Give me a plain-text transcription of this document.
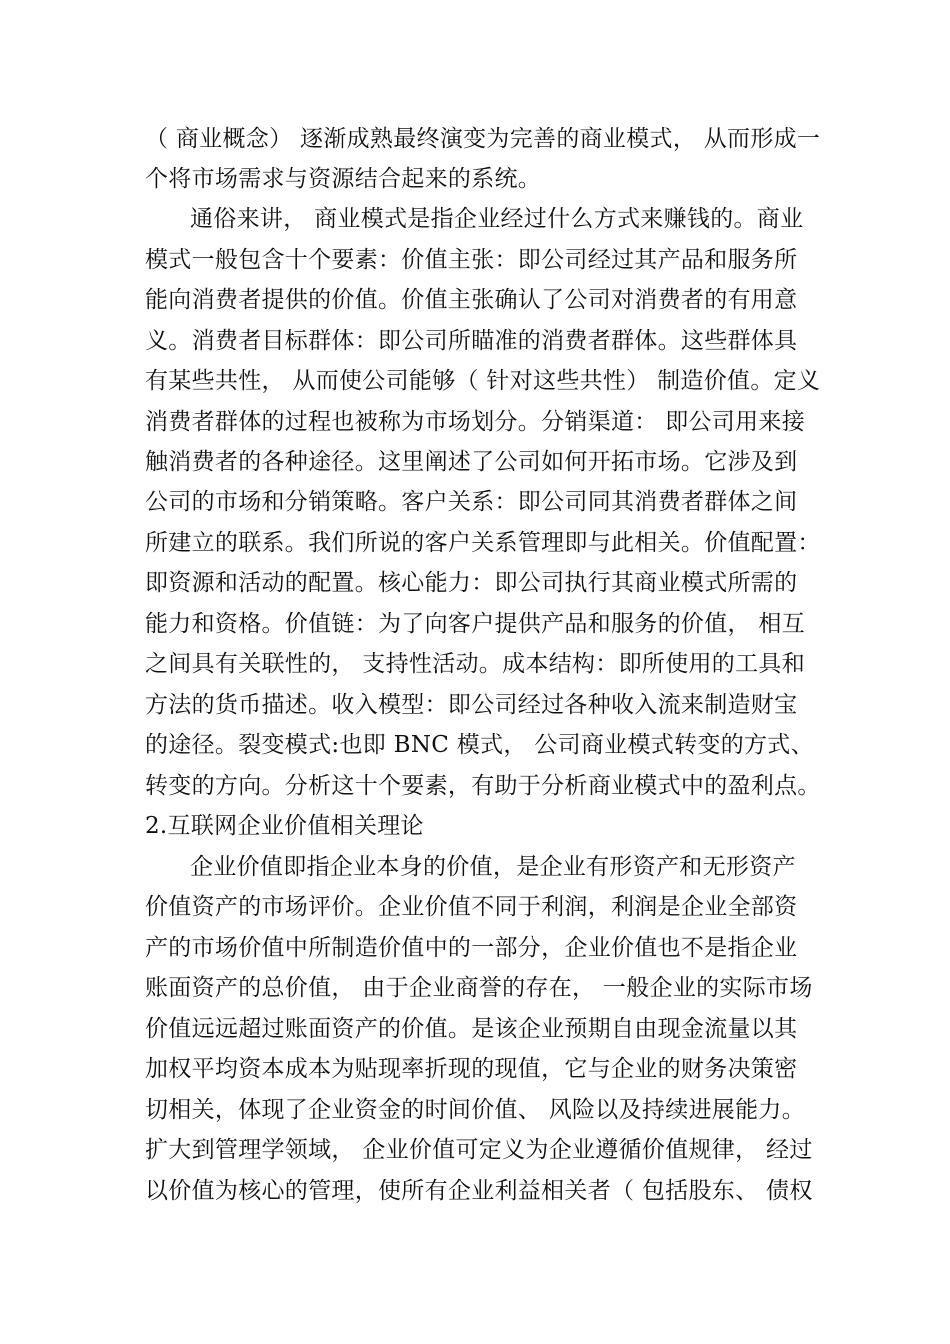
（ 商业概念） 逐渐成熟最终演变为完善的商业模式， 从而形成一
个将市场需求与资源结合起来的系统。
通俗来讲， 商业模式是指企业经过什么方式来赚钱的。商业
模式一般包含十个要素：价值主张：即公司经过其产品和服务所
能向消费者提供的价值。价值主张确认了公司对消费者的有用意
义。消费者目标群体：即公司所瞄准的消费者群体。这些群体具
有某些共性， 从而使公司能够（ 针对这些共性） 制造价值。定义
消费者群体的过程也被称为市场划分。分销渠道： 即公司用来接
触消费者的各种途径。这里阐述了公司如何开拓市场。它涉及到
公司的市场和分销策略。客户关系：即公司同其消费者群体之间
所建立的联系。我们所说的客户关系管理即与此相关。价值配置：
即资源和活动的配置。核心能力：即公司执行其商业模式所需的
能力和资格。价值链：为了向客户提供产品和服务的价值， 相互
之间具有关联性的， 支持性活动。成本结构：即所使用的工具和
方法的货币描述。收入模型：即公司经过各种收入流来制造财宝
的途径。裂变模式:也即 BNC 模式， 公司商业模式转变的方式、
转变的方向。分析这十个要素，有助于分析商业模式中的盈利点。
2.互联网企业价值相关理论
企业价值即指企业本身的价值，是企业有形资产和无形资产
价值资产的市场评价。企业价值不同于利润，利润是企业全部资
产的市场价值中所制造价值中的一部分，企业价值也不是指企业
账面资产的总价值， 由于企业商誉的存在， 一般企业的实际市场
价值远远超过账面资产的价值。是该企业预期自由现金流量以其
加权平均资本成本为贴现率折现的现值，它与企业的财务决策密
切相关，体现了企业资金的时间价值、 风险以及持续进展能力。
扩大到管理学领域， 企业价值可定义为企业遵循价值规律， 经过
以价值为核心的管理，使所有企业利益相关者（ 包括股东、 债权
